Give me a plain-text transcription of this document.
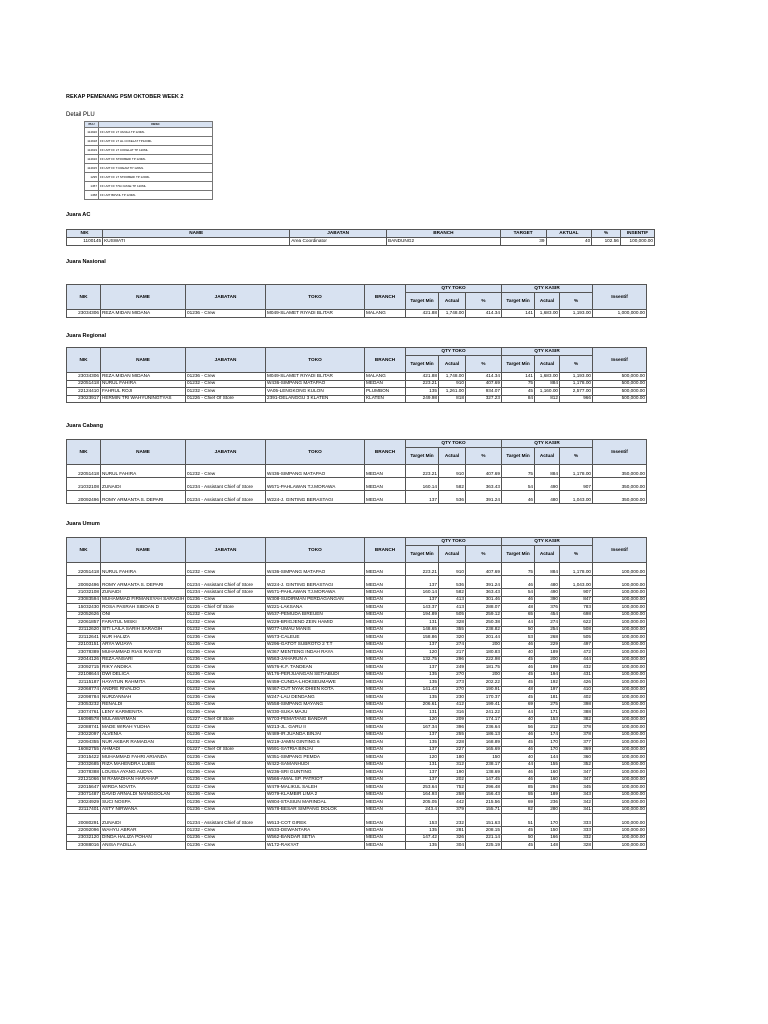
REKAP PEMENANG PSM OKTOBER WEEK 2
Detail PLU
PLU	DESC
114920	FF LMT FF LT VANILA TP 120ML
114918	FF LMT FF LT HL COKELAT TP120ML
114919	FF LMT FF LT COKELAT TP 120ML
114916	FF LMT FF STROBERI TP 120ML
114915	FF LMT FF T.CREAM TP 120ML
1295	FF LMT FF LT STROBERI TP 120ML
1457	FF LMT FF T/SC RASE TP 120ML
1458	FF LMT BRVNL TP 120ML
Juara AC
NIK	NAME	JABATAN	BRANCH	TARGET	AKTUAL	%	INSENTIF
1100145	KUSWATI	Area Coordinator	BANDUNG2	39	40	102.56	100,000.00
Juara Nasional
NIK	NAME	JABATAN	TOKO	BRANCH	QTY TOKO			QTY KASIR			Insentif
					Target Min	Actual	%	Target Min	Actual	%	
23034306	REZA MIDAN MIDANA	01236 - Crew	M049-SLAMET RIYADI BLITAR	MALANG	421.88	1,748.00	414.34	141	1,683.00	1,193.00	1,000,000.00
Juara Regional
NIK	NAME	JABATAN	TOKO	BRANCH	QTY TOKO			QTY KASIR			Insentif
					Target Min	Actual	%	Target Min	Actual	%	
23034306	REZA MIDAN MIDANA	01236 - Crew	M049-SLAMET RIYADI BLITAR	MALANG	421.88	1,748.00	414.34	141	1,683.00	1,193.00	500,000.00
22051418	NURUL FAHIRA	01232 - Crew	W436-SIMPANG MATAPAO	MEDAN	223.21	910	407.69	75	884	1,178.00	500,000.00
22124410	FAHRUL ROJI	01232 - Crew	VA05-LENGKONG KULON	PLUMBON	135	1,261.00	934.07	45	1,160.00	2,577.00	500,000.00
23023917	HERMIN TRI WAHYUNINGTYAS	01226 - Chief Of Store	2391-DELANGGU 3 KLATEN	KLATEN	249.98	818	327.23	84	812	966	500,000.00
Juara Cabang
NIK	NAME	JABATAN	TOKO	BRANCH	QTY TOKO			QTY KASIR			Insentif
					Target Min	Actual	%	Target Min	Actual	%	
22051418	NURUL FAHIRA	01232 - Crew	W436-SIMPANG MATAPAO	MEDAN	223.21	910	407.69	75	884	1,178.00	350,000.00
21032108	ZUNAIDI	01234 - Assistant Chief of Store	W671-PAHLAWAN TJ.MORAWA	MEDAN	160.14	582	363.43	54	490	907	350,000.00
20092496	ROMY ARMANTA S. DEPARI	01234 - Assistant Chief of Store	W224-J. GINTING BERASTAGI	MEDAN	137	536	391.24	46	480	1,043.00	350,000.00
Juara Umum
NIK	NAME	JABATAN	TOKO	BRANCH	QTY TOKO			QTY KASIR			Insentif
					Target Min	Actual	%	Target Min	Actual	%	
22051418	NURUL FAHIRA	01232 - Crew	W436-SIMPANG MATAPAO	MEDAN	223.21	910	407.69	75	884	1,178.00	100,000.00
20092496	ROMY ARMANTA S. DEPARI	01234 - Assistant Chief of Store	W224-J. GINTING BERASTAGI	MEDAN	137	536	391.24	46	480	1,043.00	100,000.00
21032108	ZUNAIDI	01234 - Assistant Chief of Store	W671-PAHLAWAN TJ.MORAWA	MEDAN	160.14	582	363.43	54	490	907	100,000.00
23083594	MUHAMMAD FIRMANSYAH SARAGIH	01236 - Crew	W308-SUDIRMAN PERDAGANGAN	MEDAN	137	413	301.46	46	390	847	100,000.00
15032430	ROSA PASRAH SIBOAN D	01226 - Chief Of Store	W221-LAKSANA	MEDAN	143.37	413	288.07	48	376	783	100,000.00
22052626	ONI	01232 - Crew	W637-PEMUDA BIREUEN	MEDAN	194.89	505	259.12	65	454	698	100,000.00
22061857	FARATUL MISKI	01232 - Crew	W229-BRIGJEND ZEIN HAMID	MEDAN	131	328	250.38	44	274	622	100,000.00
22112620	SITI LAILA SARIH SARAGIH	01232 - Crew	W077-UMAU MANIS	MEDAN	148.65	355	238.82	50	254	508	100,000.00
22112641	NUR HALIZA	01236 - Crew	W673-CALEUE	MEDAN	158.86	320	201.44	53	268	505	100,000.00
22103151	ARYA WIJAYA	01236 - Crew	W296-GATOT SUBROTO 2 T.T	MEDAN	137	274	200	46	229	497	100,000.00
23078389	MUHAMMAD RIAS RASYID	01236 - Crew	W367 MENTENG INDAH RAYA	MEDAN	120	217	180.83	40	189	472	100,000.00
22044126	REZA ANSARI	01236 - Crew	W563-JAHARUN A	MEDAN	132.75	296	222.98	45	200	444	100,000.00
23092715	RIKY ANDIKA	01236 - Crew	W576-K.F. TANDEAN	MEDAN	137	249	181.75	46	199	432	100,000.00
22108644	DWI DELICA	01236 - Crew	W176-PERJUANGAN SETIABUDI	MEDAN	135	270	200	45	194	431	100,000.00
22115187	HAYATUN RAHMITA	01236 - Crew	W459-CUNDA-LHOKSEUMAWE	MEDAN	135	273	202.22	45	192	426	100,000.00
22068774	ANDRE RIVALDO	01232 - Crew	W467-CUT NYAK DHIEN KOTA	MEDAN	141.43	270	190.91	48	197	410	100,000.00
22098784	NURZANNAH	01236 - Crew	W247-LAU DENDANG	MEDAN	135	230	170.37	45	181	402	100,000.00
23053232	RENALDI	01236 - Crew	W558-SIMPANG MAYANG	MEDAN	206.61	412	199.41	69	275	398	100,000.00
23074761	LENY KARMENITA	01236 - Crew	W330-SUKA MAJU	MEDAN	131	316	241.22	44	171	388	100,000.00
16098578	MULAWARMAN	01227 - Chief Of Store	W703-PEMATANG BANDAR	MEDAN	120	209	174.17	40	153	382	100,000.00
22088741	MADE WIRAH YUDHA	01232 - Crew	W213-JL. GARU II	MEDAN	167.34	396	236.64	56	212	378	100,000.00
23022097	ALVENIA	01236 - Crew	W489-IR.JUANDA BINJAI	MEDAN	137	255	186.13	46	174	378	100,000.00
22094355	NUR AKBAR RAMADAN	01232 - Crew	W219-JAMIN GINTING 6	MEDAN	135	228	168.89	45	170	377	100,000.00
16082755	AHMADI	01227 - Chief Of Store	W691-SATRIA BINJAI	MEDAN	137	227	165.69	46	170	369	100,000.00
23015422	MUHAMMAD FAHRI ARIANDA	01236 - Crew	W351-SIMPANG PEMDA	MEDAN	120	180	150	40	144	360	100,000.00
23032685	RIZA MAHENDRA LUBIS	01236 - Crew	W422-SAMANHUDI	MEDAN	131	312	238.17	44	155	352	100,000.00
23078388	LOUISA AYANG AUDYA	01236 - Crew	W236-SRI GUNTING	MEDAN	137	190	138.69	46	160	347	100,000.00
22121066	M RAMADHAN HARAHAP	01236 - Crew	W566-AMAL SP. PATRIOT	MEDAN	137	202	147.45	46	160	347	100,000.00
22015647	WIRDA NOVITA	01232 - Crew	W479-MALIKUL SALEH	MEDAN	253.64	752	296.48	85	294	345	100,000.00
23071487	DAVID ARNALDI NAINGGOLAN	01236 - Crew	W079-KLAMBIR LIMA 2	MEDAN	164.93	258	156.43	55	189	343	100,000.00
23024929	SUCI NOSPA	01236 - Crew	W804-STASIUN MARINDAL	MEDAN	205.05	442	215.56	69	236	342	100,000.00
22117401	ASTY NIRWANA	01236 - Crew	W578-BESAR SIMPANG DOLOK	MEDAN	243.4	379	155.71	82	280	341	100,000.00
20080291	ZUNAIDI	01234 - Assistant Chief of Store	W613-COT GIREK	MEDAN	153	232	151.63	51	170	333	100,000.00
22092096	WAHYU ABRAR	01232 - Crew	W533-DEWANTARA	MEDAN	135	281	208.15	45	150	333	100,000.00
23032120	DINDA HALIZA POHAN	01236 - Crew	W562-BANDAR SETIA	MEDAN	147.42	326	221.14	50	166	332	100,000.00
23088016	ANISA FADILLA	01236 - Crew	W172-RAKYAT	MEDAN	135	304	225.19	45	148	328	100,000.00
